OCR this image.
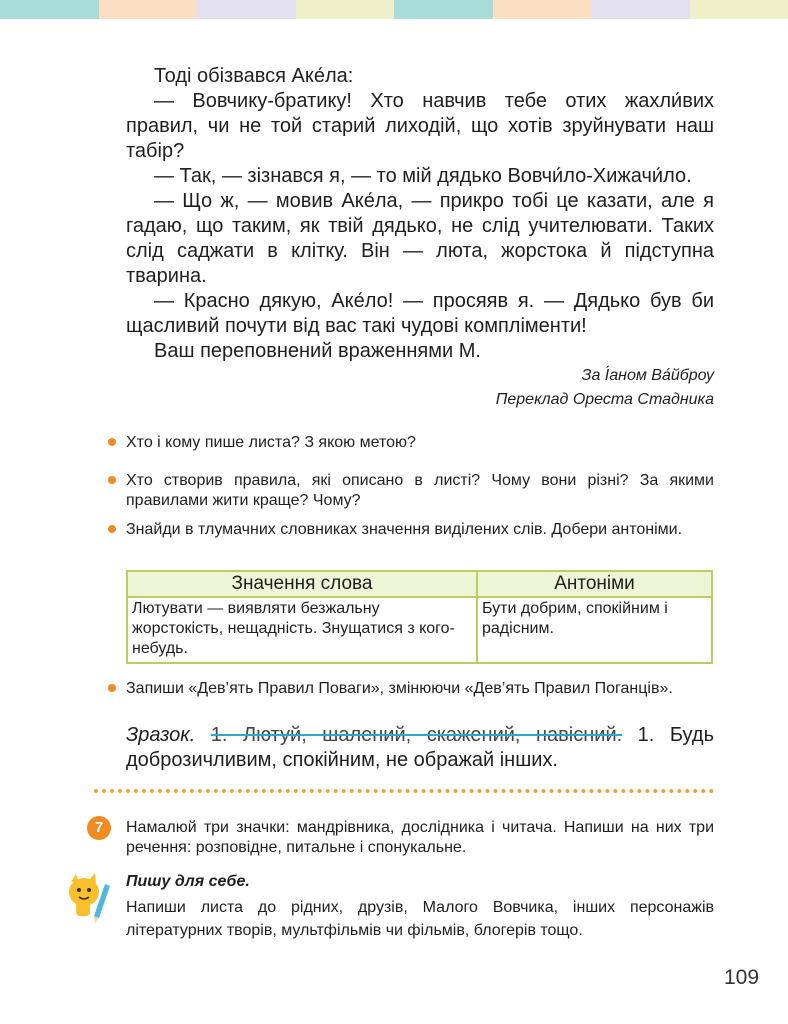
Тоді обізвався Аке́ла:

— Вовчику-братику! Хто навчив тебе отих жахли́вих правил, чи не той старий лиходій, що хотів зруйнувати наш табір?

— Так, — зізнався я, — то мій дядько Вовчи́ло-Хижачи́ло.

— Що ж, — мовив Аке́ла, — прикро тобі це казати, але я гадаю, що таким, як твій дядько, не слід учителювати. Таких слід саджати в клітку. Він — люта, жорстока й підступна тварина.

— Красно дякую, Аке́ло! — просяяв я. — Дядько був би щасливий почути від вас такі чудові компліменти!

Ваш переповнений враженнями М.

За І́аном Ва́йброу

Переклад Ореста Стадника

Хто і кому пише листа? З якою метою?
Хто створив правила, які описано в листі? Чому вони різні? За якими правилами жити краще? Чому?
Знайди в тлумачних словниках значення виділених слів. Добери антоніми.
Значення слова	Антоніми
Лютувати — виявляти безжальну жорстокість, нещадність. Знущатися з кого-небудь.	Бути добрим, спокійним і радісним.
Запиши «Дев’ять Правил Поваги», змінюючи «Дев’ять Правил Поганців».
Зразок. 1. Лютуй, шалений, скажений, навісний. 1. Будь доброзичливим, спокійним, не ображай інших.
7	Намалюй три значки: мандрівника, дослідника і читача. Напиши на них три речення: розповідне, питальне і спонукальне.
Пишу для себе.
Напиши листа до рідних, друзів, Малого Вовчика, інших персонажів літературних творів, мультфільмів чи фільмів, блогерів тощо.
109
